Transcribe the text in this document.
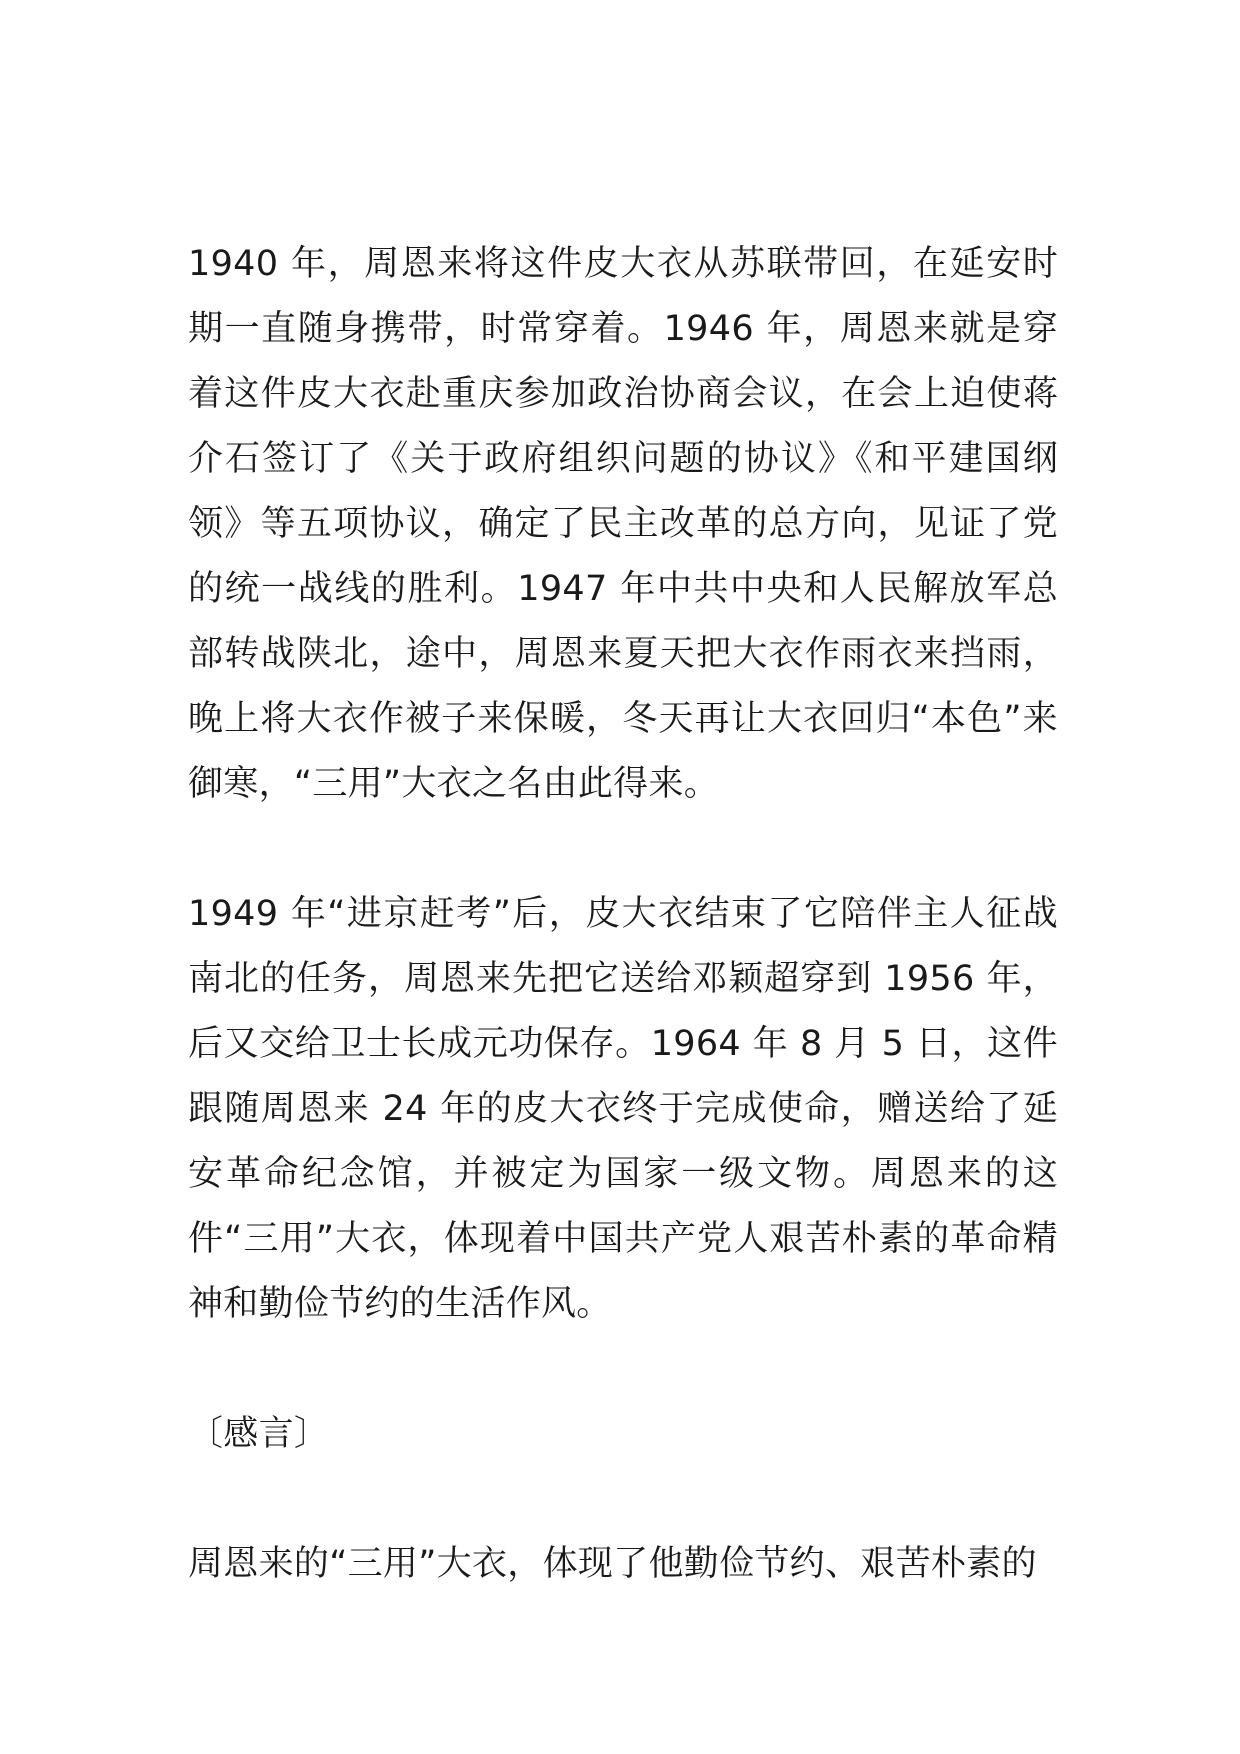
1940 年，周恩来将这件皮大衣从苏联带回，在延安时期一直随身携带，时常穿着。1946 年，周恩来就是穿着这件皮大衣赴重庆参加政治协商会议，在会上迫使蒋介石签订了《关于政府组织问题的协议》《和平建国纲领》等五项协议，确定了民主改革的总方向，见证了党的统一战线的胜利。1947 年中共中央和人民解放军总部转战陕北，途中，周恩来夏天把大衣作雨衣来挡雨，晚上将大衣作被子来保暖，冬天再让大衣回归“本色”来御寒，“三用”大衣之名由此得来。

1949 年“进京赶考”后，皮大衣结束了它陪伴主人征战南北的任务，周恩来先把它送给邓颖超穿到 1956 年，后又交给卫士长成元功保存。1964 年 8 月 5 日，这件跟随周恩来 24 年的皮大衣终于完成使命，赠送给了延安革命纪念馆，并被定为国家一级文物。周恩来的这件“三用”大衣，体现着中国共产党人艰苦朴素的革命精神和勤俭节约的生活作风。

〔感言〕

周恩来的“三用”大衣，体现了他勤俭节约、艰苦朴素的
